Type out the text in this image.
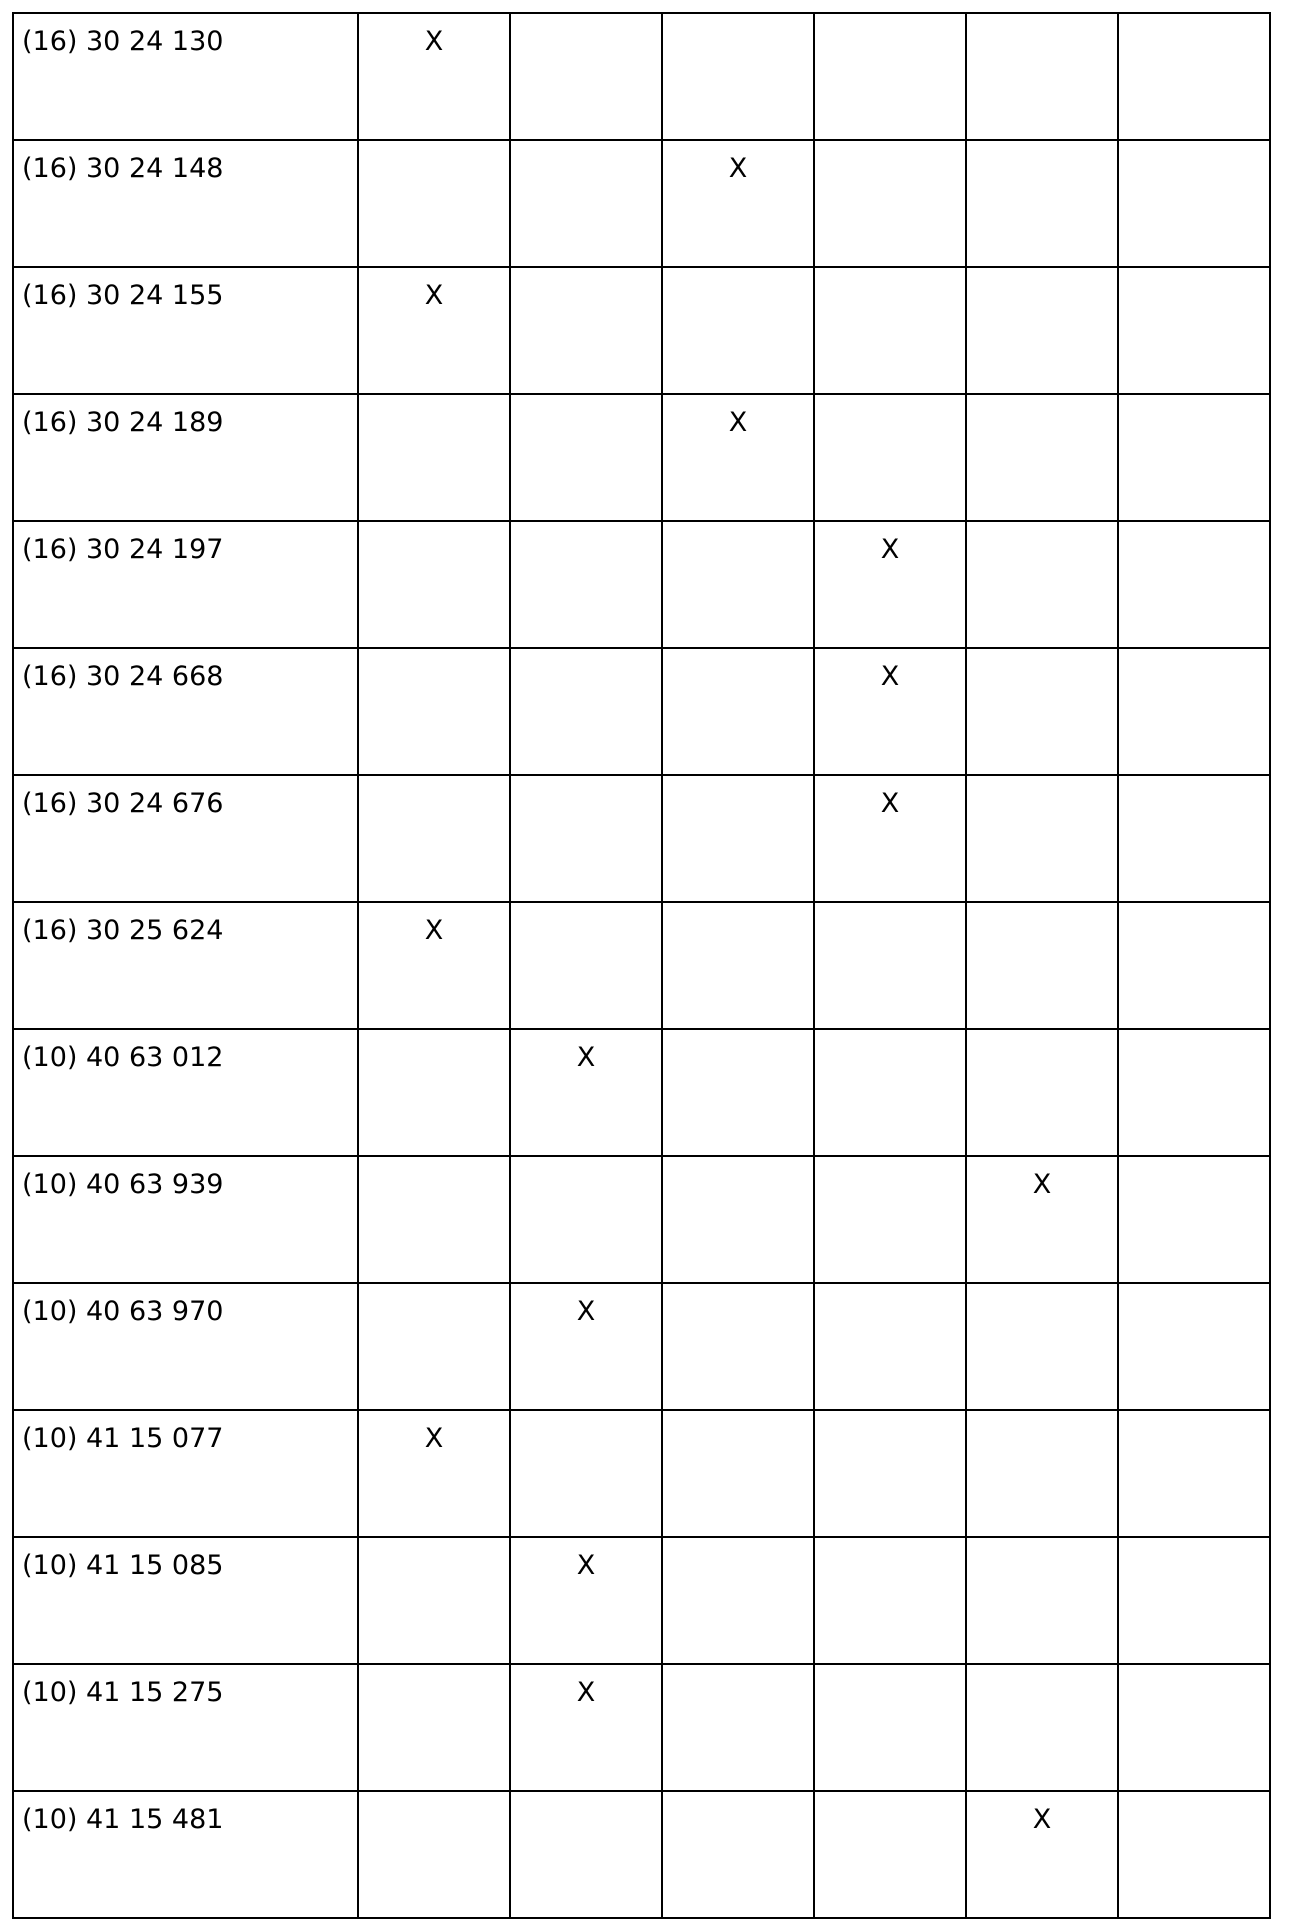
(16) 30 24 130	X					
(16) 30 24 148			X			
(16) 30 24 155	X					
(16) 30 24 189			X			
(16) 30 24 197				X		
(16) 30 24 668				X		
(16) 30 24 676				X		
(16) 30 25 624	X					
(10) 40 63 012		X				
(10) 40 63 939					X	
(10) 40 63 970		X				
(10) 41 15 077	X					
(10) 41 15 085		X				
(10) 41 15 275		X				
(10) 41 15 481					X	
